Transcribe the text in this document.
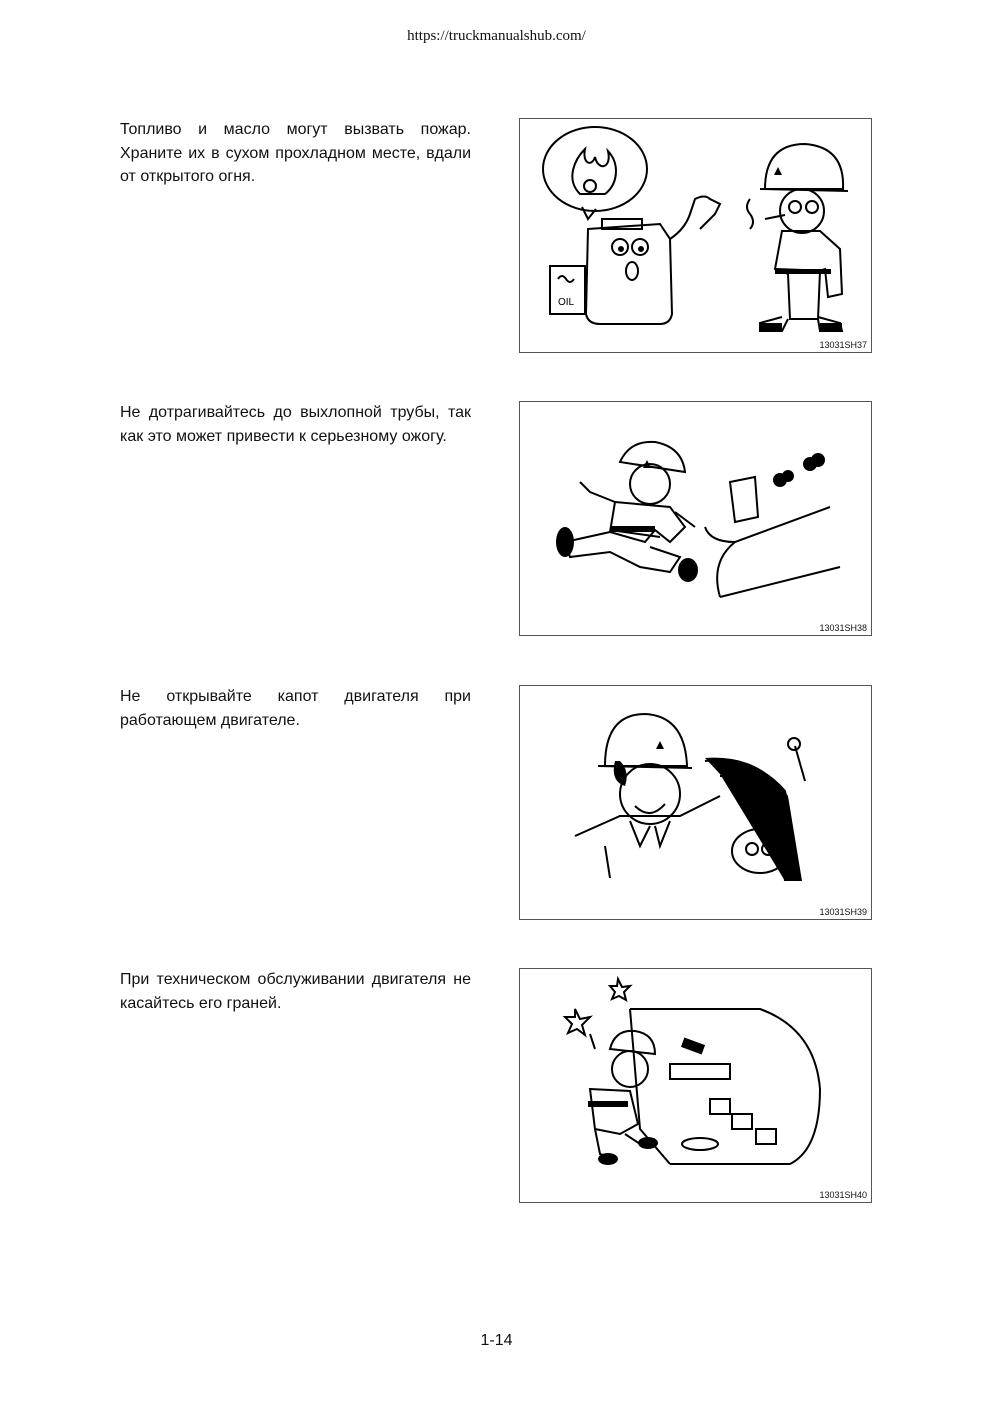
https://truckmanualshub.com/
Топливо и масло могут вызвать пожар. Храните их в сухом прохладном месте, вдали от открытого огня.
OIL
13031SH37
Не дотрагивайтесь до выхлопной трубы, так как это может привести к серьезному ожогу.
13031SH38
Не открывайте капот двигателя при работающем двигателе.
13031SH39
При техническом обслуживании двигателя не касайтесь его граней.
13031SH40
1-14
